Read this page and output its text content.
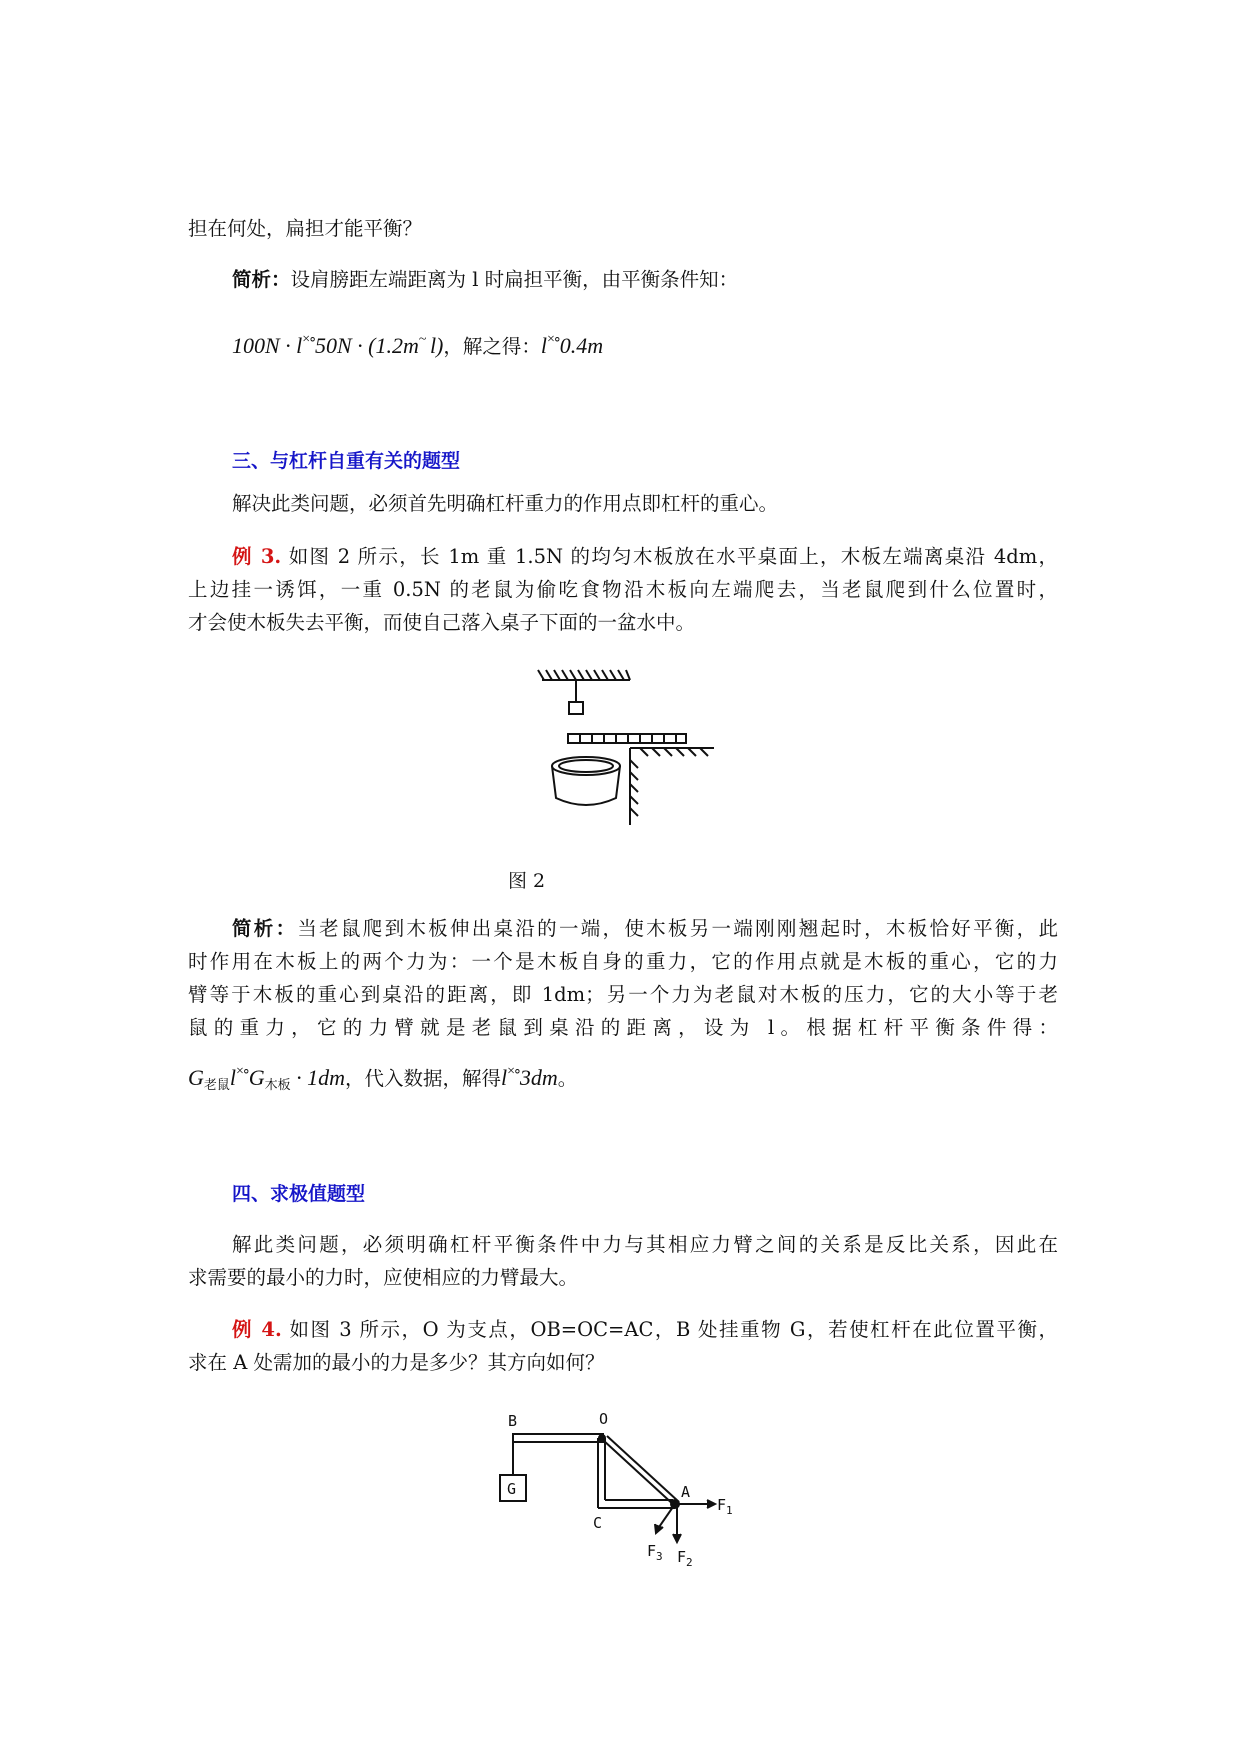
担在何处，扁担才能平衡？
简析：设肩膀距左端距离为 l 时扁担平衡，由平衡条件知：
100N · l×∘50N · (1.2m~ l)，解之得：l×∘0.4m
三、与杠杆自重有关的题型
解决此类问题，必须首先明确杠杆重力的作用点即杠杆的重心。
例 3. 如图 2 所示，长 1m 重 1.5N 的均匀木板放在水平桌面上，木板左端离桌沿 4dm，
上边挂一诱饵，一重 0.5N 的老鼠为偷吃食物沿木板向左端爬去，当老鼠爬到什么位置时，
才会使木板失去平衡，而使自己落入桌子下面的一盆水中。
图 2
简析：当老鼠爬到木板伸出桌沿的一端，使木板另一端刚刚翘起时，木板恰好平衡，此
时作用在木板上的两个力为：一个是木板自身的重力，它的作用点就是木板的重心，它的力
臂等于木板的重心到桌沿的距离，即 1dm；另一个力为老鼠对木板的压力，它的大小等于老
鼠的重力，它的力臂就是老鼠到桌沿的距离，设为 l。根据杠杆平衡条件得：
$G_{老鼠}l^{\times\circ}G_{木板} \cdot 1dm$，代入数据，解得l×∘3dm。
四、求极值题型
解此类问题，必须明确杠杆平衡条件中力与其相应力臂之间的关系是反比关系，因此在
求需要的最小的力时，应使相应的力臂最大。
例 4. 如图 3 所示，O 为支点，OB=OC=AC，B 处挂重物 G，若使杠杆在此位置平衡，
求在 A 处需加的最小的力是多少？其方向如何？
B	O
G
C
A
$F_1$
$F_2$
$F_3$
